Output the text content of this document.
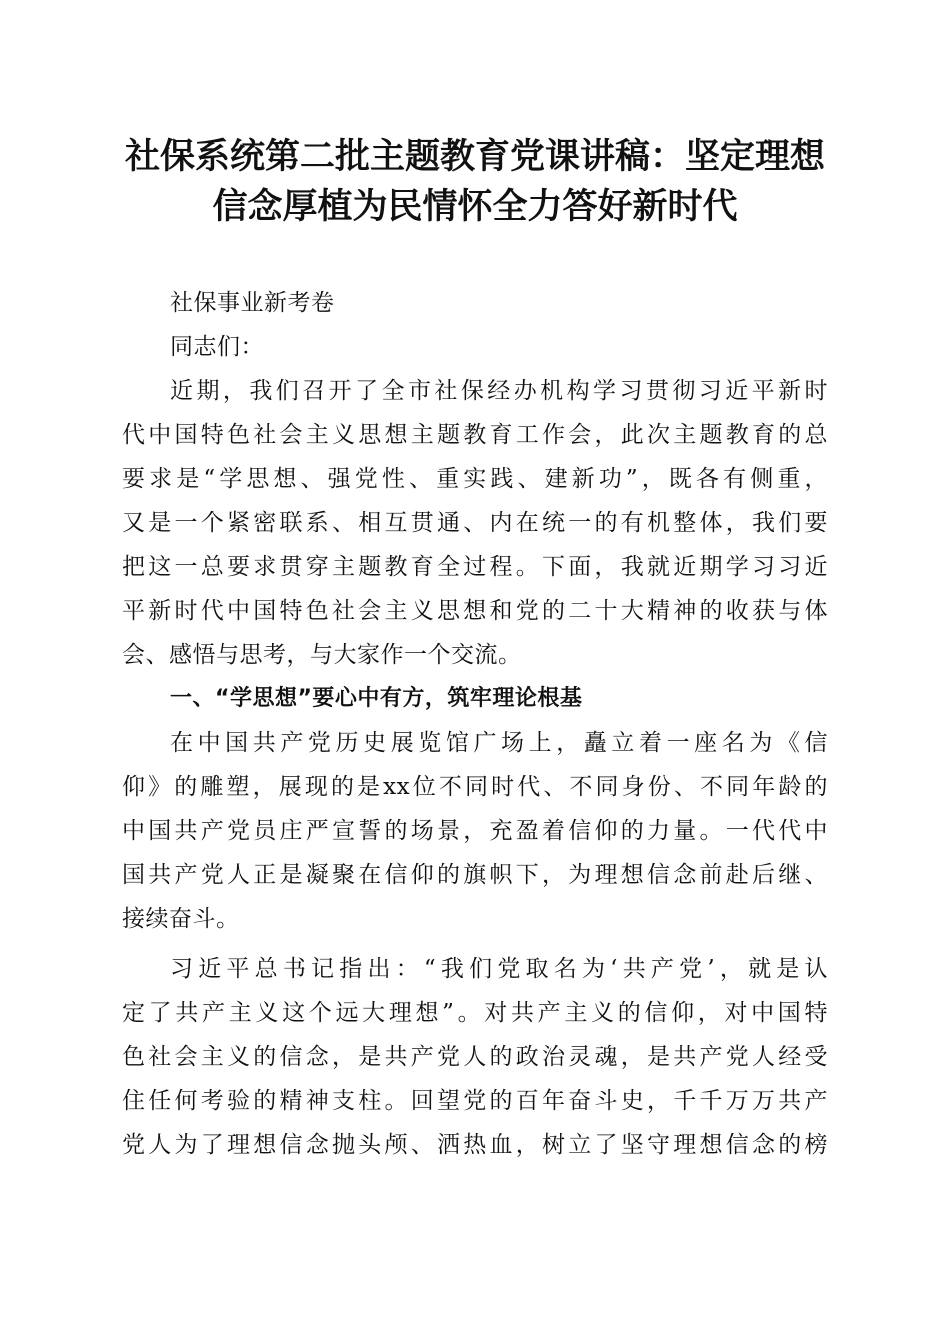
社保系统第二批主题教育党课讲稿：坚定理想
信念厚植为民情怀全力答好新时代
社保事业新考卷
同志们：
近期，我们召开了全市社保经办机构学习贯彻习近平新时
代中国特色社会主义思想主题教育工作会，此次主题教育的总
要求是“学思想、强党性、重实践、建新功”，既各有侧重，
又是一个紧密联系、相互贯通、内在统一的有机整体，我们要
把这一总要求贯穿主题教育全过程。下面，我就近期学习习近
平新时代中国特色社会主义思想和党的二十大精神的收获与体
会、感悟与思考，与大家作一个交流。
一、“学思想”要心中有方，筑牢理论根基
在中国共产党历史展览馆广场上，矗立着一座名为《信
仰》的雕塑，展现的是xx位不同时代、不同身份、不同年龄的
中国共产党员庄严宣誓的场景，充盈着信仰的力量。一代代中
国共产党人正是凝聚在信仰的旗帜下，为理想信念前赴后继、
接续奋斗。
习近平总书记指出：“我们党取名为‘共产党’，就是认
定了共产主义这个远大理想”。对共产主义的信仰，对中国特
色社会主义的信念，是共产党人的政治灵魂，是共产党人经受
住任何考验的精神支柱。回望党的百年奋斗史，千千万万共产
党人为了理想信念抛头颅、洒热血，树立了坚守理想信念的榜
